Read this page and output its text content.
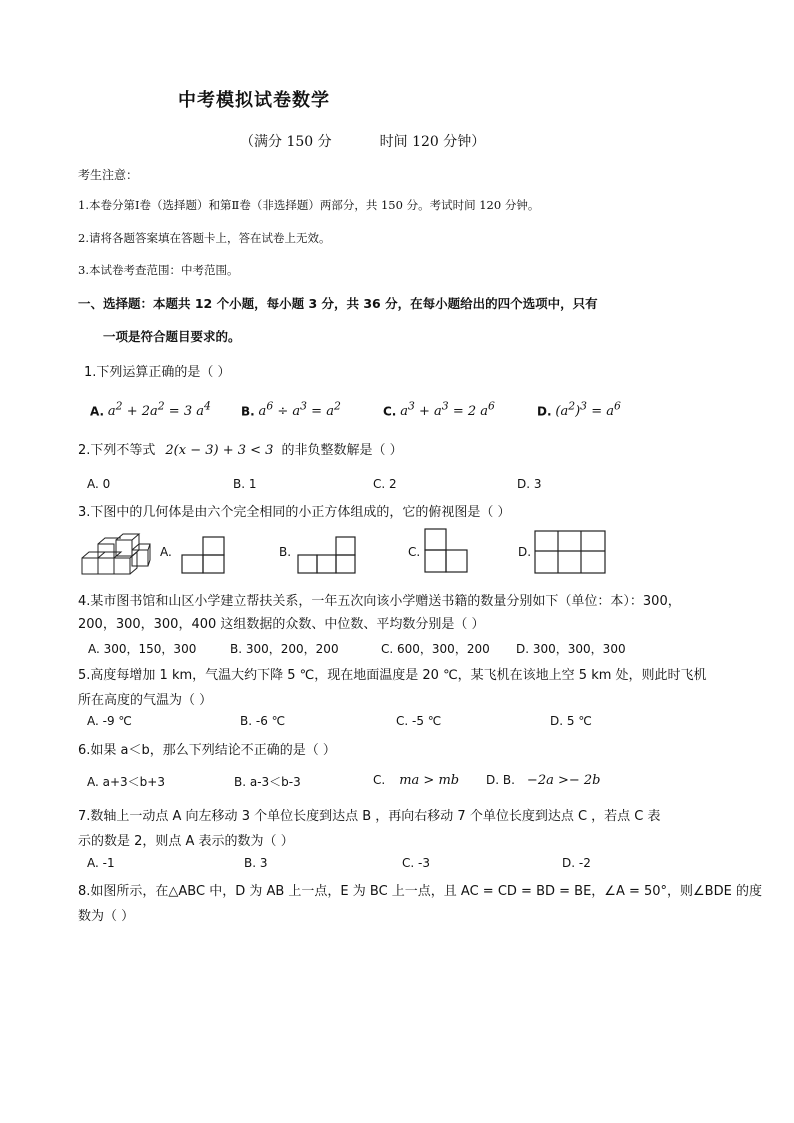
中考模拟试卷数学
（满分 150 分	时间 120 分钟）
考生注意：
1.本卷分第Ⅰ卷（选择题）和第Ⅱ卷（非选择题）两部分，共 150 分。考试时间 120 分钟。
2.请将各题答案填在答题卡上，答在试卷上无效。
3.本试卷考查范围：中考范围。
一、选择题：本题共 12 个小题，每小题 3 分，共 36 分，在每小题给出的四个选项中，只有
一项是符合题目要求的。
1.下列运算正确的是（ ）
A. $a^2 + 2a^2 = 3$ $a^4$	B. $a^6 \div a^3 = a^2$	C. $a^3 + a^3 = 2$ $a^6$	D. $(a^2)^3 = a^6$
2.下列不等式 2(x − 3) + 3 < 3 的非负整数解是（ ）
A. 0	B. 1	C. 2	D. 3
3.下图中的几何体是由六个完全相同的小正方体组成的，它的俯视图是（ ）
A.	B.	C.	D.
4.某市图书馆和山区小学建立帮扶关系，一年五次向该小学赠送书籍的数量分别如下（单位：本）：300，
200，300，300，400 这组数据的众数、中位数、平均数分别是（ ）
A. 300，150，300	B. 300，200，200	C. 600，300，200 D. 300，300，300
5.高度每增加 1 km，气温大约下降 5 ℃，现在地面温度是 20 ℃，某飞机在该地上空 5 km 处，则此时飞机
所在高度的气温为（ ）
A. -9 ℃	B. -6 ℃	C. -5 ℃	D. 5 ℃
6.如果 a＜b，那么下列结论不正确的是（ ）
A. a+3＜b+3	B. a-3＜b-3	C. ma > mb D. B. −2a >− 2b
7.数轴上一动点 A 向左移动 3 个单位长度到达点 B ，再向右移动 7 个单位长度到达点 C ，若点 C 表
示的数是 2，则点 A 表示的数为（ ）
A. -1	B. 3	C. -3	D. -2
8.如图所示，在△ABC 中，D 为 AB 上一点，E 为 BC 上一点，且 AC = CD = BD = BE，∠A = 50°，则∠BDE 的度
数为（ ）
